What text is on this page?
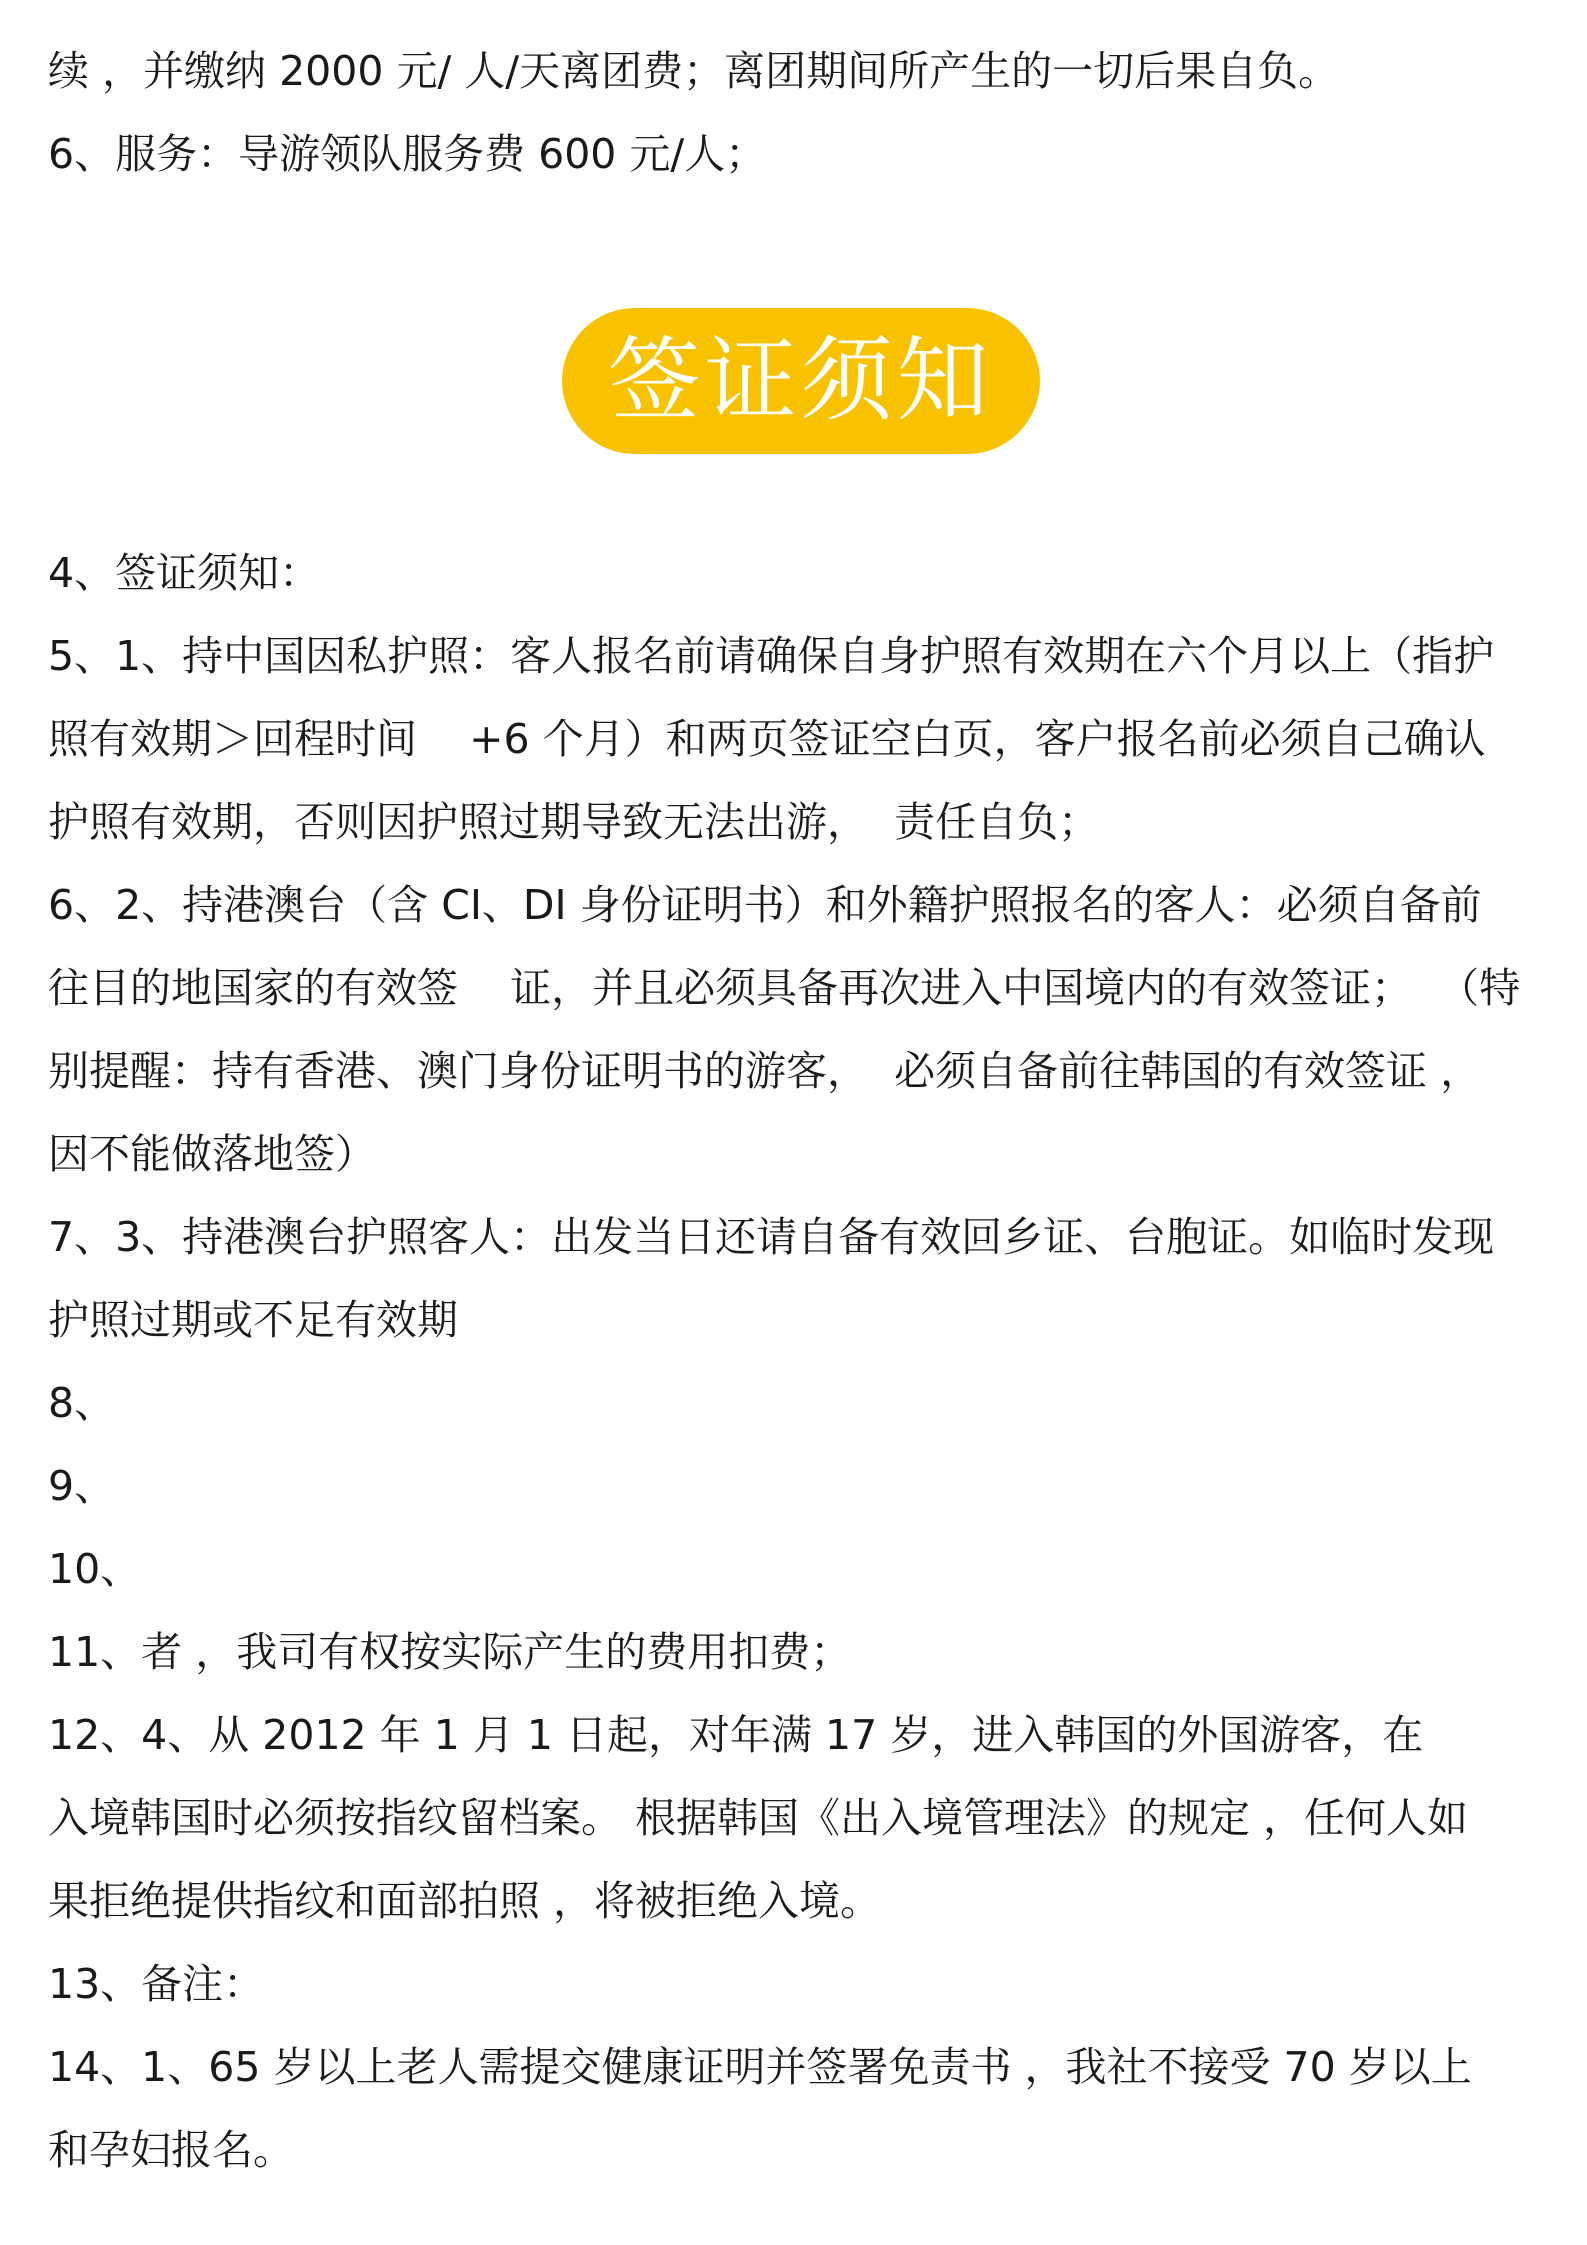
续 ，并缴纳 2000 元/ 人/天离团费；离团期间所产生的一切后果自负。

6、服务：导游领队服务费 600 元/人；

签证须知

4、签证须知：

5、1、持中国因私护照：客人报名前请确保自身护照有效期在六个月以上（指护

照有效期＞回程时间    +6 个月）和两页签证空白页，客户报名前必须自己确认

护照有效期，否则因护照过期导致无法出游，  责任自负；

6、2、持港澳台（含 CI、DI 身份证明书）和外籍护照报名的客人：必须自备前

往目的地国家的有效签    证，并且必须具备再次进入中国境内的有效签证；  （特

别提醒：持有香港、澳门身份证明书的游客，  必须自备前往韩国的有效签证 ，

因不能做落地签）

7、3、持港澳台护照客人：出发当日还请自备有效回乡证、台胞证。如临时发现

护照过期或不足有效期

8、

9、

10、

11、者 ，我司有权按实际产生的费用扣费；

12、4、从 2012 年 1 月 1 日起，对年满 17 岁，进入韩国的外国游客，在

入境韩国时必须按指纹留档案。 根据韩国《出入境管理法》的规定 ，任何人如

果拒绝提供指纹和面部拍照 ，将被拒绝入境。

13、备注：

14、1、65 岁以上老人需提交健康证明并签署免责书 ，我社不接受 70 岁以上

和孕妇报名。
